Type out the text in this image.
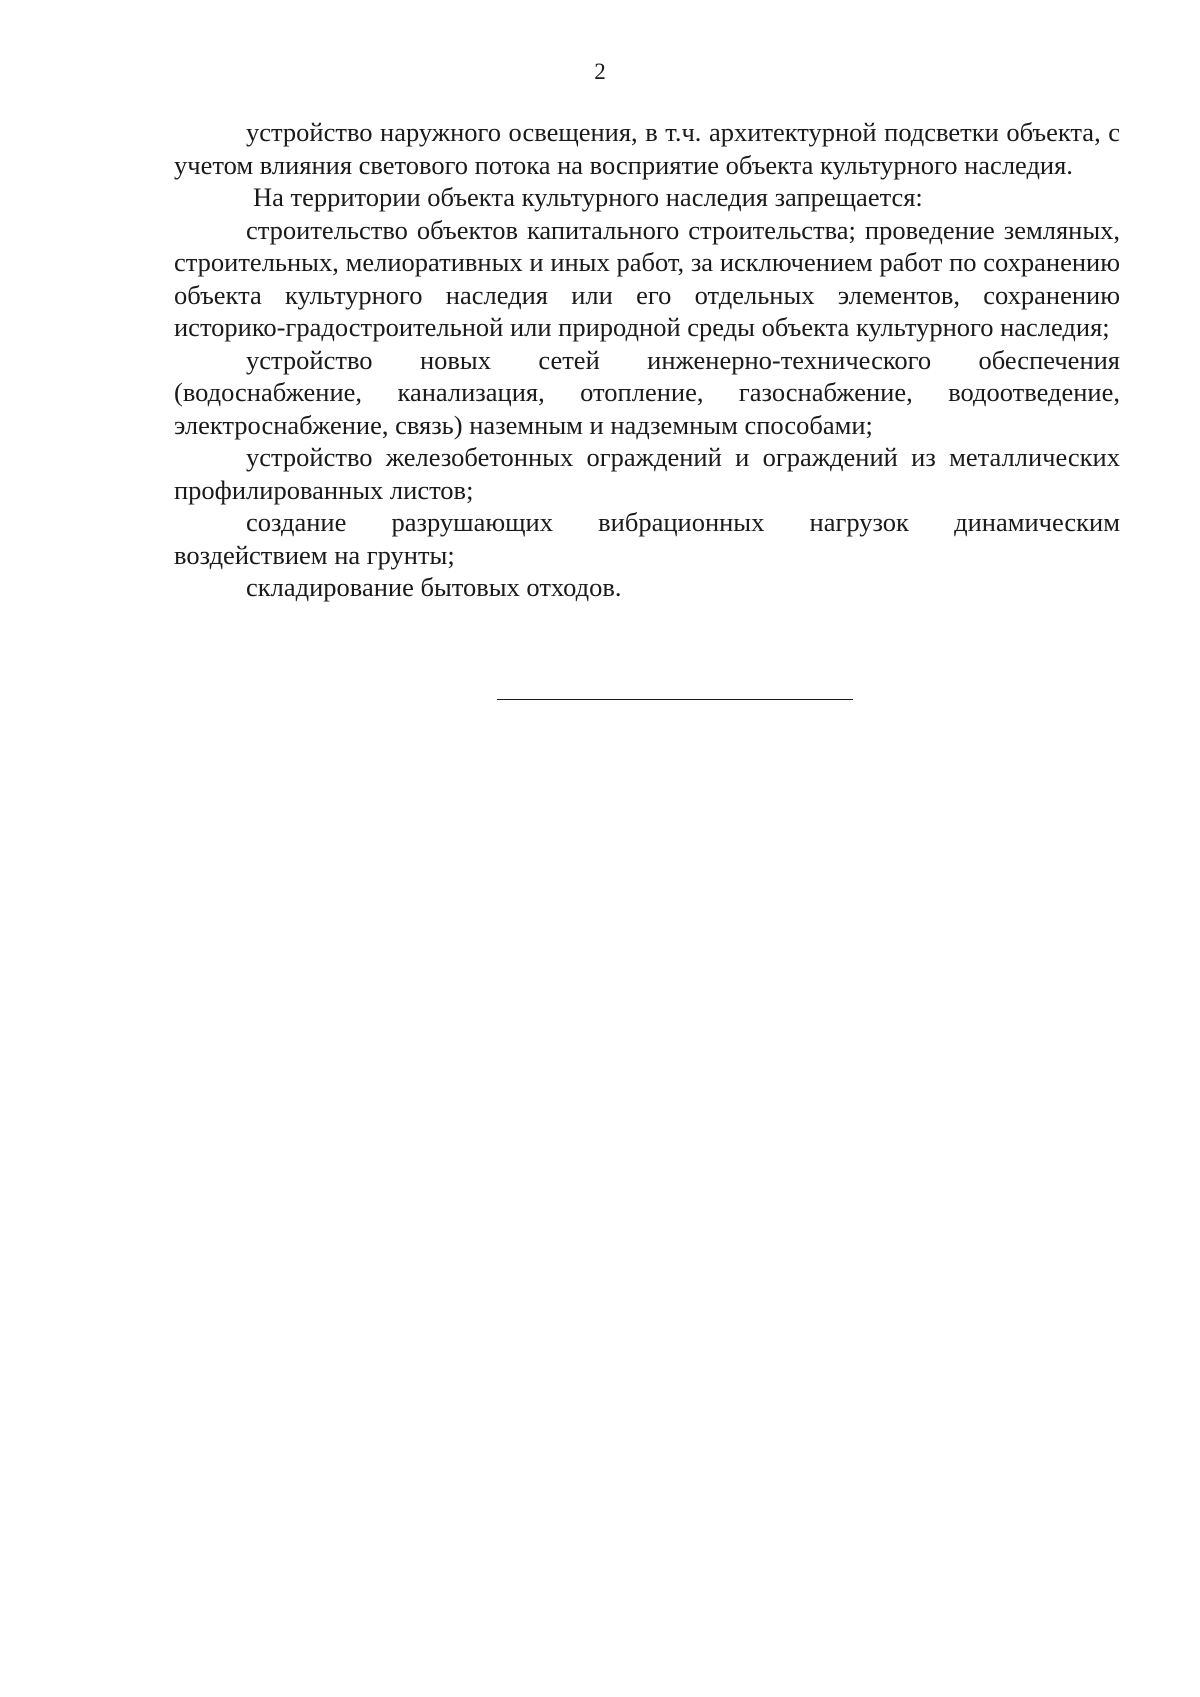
2

устройство наружного освещения, в т.ч. архитектурной подсветки объекта, с учетом влияния светового потока на восприятие объекта культурного наследия.

На территории объекта культурного наследия запрещается:

строительство объектов капитального строительства; проведение земляных, строительных, мелиоративных и иных работ, за исключением работ по сохранению объекта культурного наследия или его отдельных элементов, сохранению историко-градостроительной или природной среды объекта культурного наследия;

устройство новых сетей инженерно-технического обеспечения (водоснабжение, канализация, отопление, газоснабжение, водоотведение, электроснабжение, связь) наземным и надземным способами;

устройство железобетонных ограждений и ограждений из металлических профилированных листов;

создание разрушающих вибрационных нагрузок динамическим воздействием на грунты;

складирование бытовых отходов.
